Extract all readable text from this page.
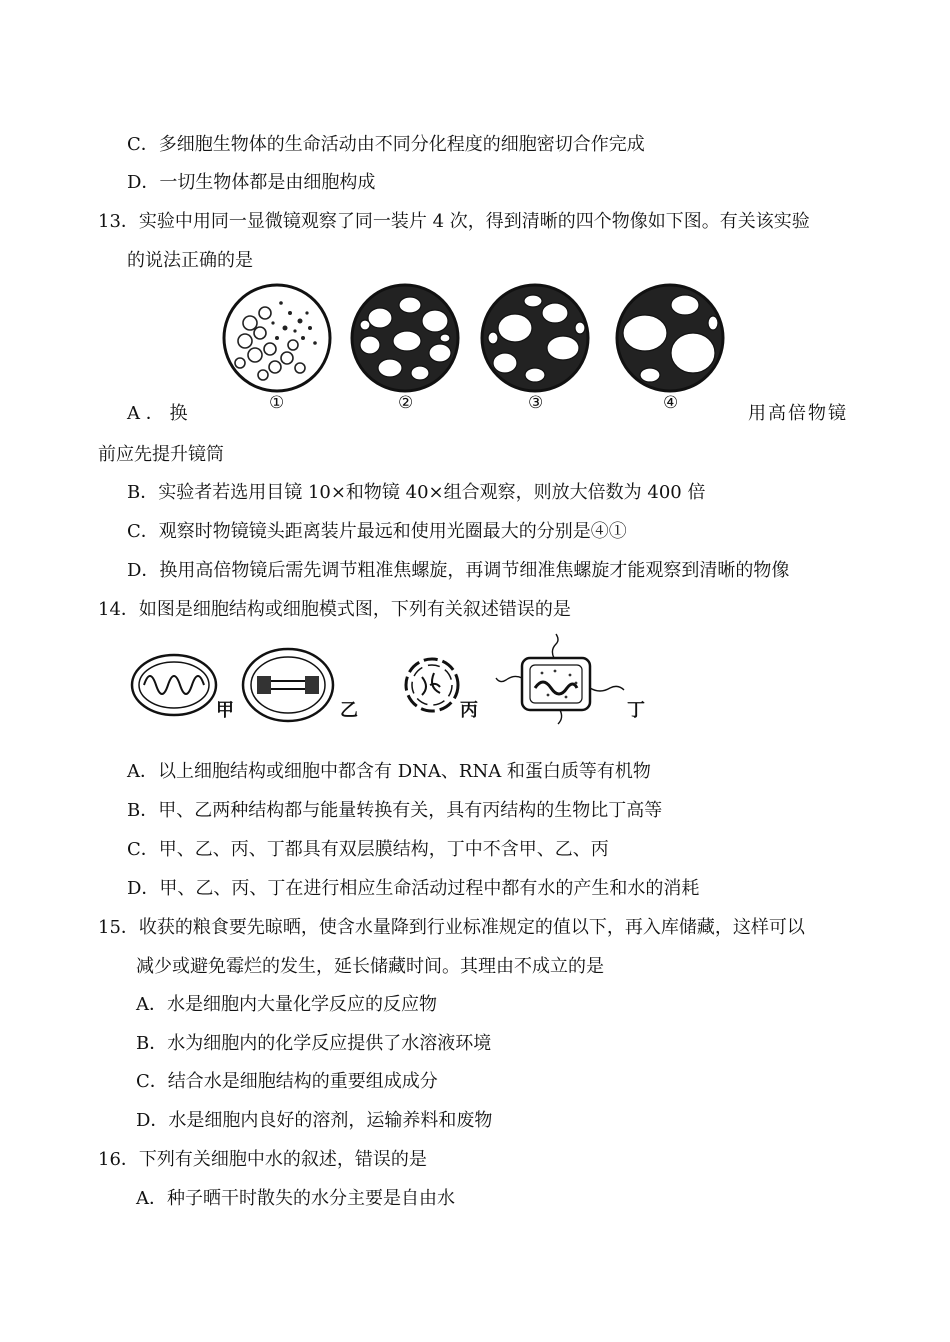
C．多细胞生物体的生命活动由不同分化程度的细胞密切合作完成
D．一切生物体都是由细胞构成
13．实验中用同一显微镜观察了同一装片 4 次，得到清晰的四个物像如下图。有关该实验
的说法正确的是
①	②	③	④
A ． 换	用高倍物镜
前应先提升镜筒
B．实验者若选用目镜 10×和物镜 40×组合观察，则放大倍数为 400 倍
C．观察时物镜镜头距离装片最远和使用光圈最大的分别是④①
D．换用高倍物镜后需先调节粗准焦螺旋，再调节细准焦螺旋才能观察到清晰的物像
14．如图是细胞结构或细胞模式图，下列有关叙述错误的是
甲	乙	丙	丁
A．以上细胞结构或细胞中都含有 DNA、RNA 和蛋白质等有机物
B．甲、乙两种结构都与能量转换有关，具有丙结构的生物比丁高等
C．甲、乙、丙、丁都具有双层膜结构，丁中不含甲、乙、丙
D．甲、乙、丙、丁在进行相应生命活动过程中都有水的产生和水的消耗
15．收获的粮食要先晾晒，使含水量降到行业标准规定的值以下，再入库储藏，这样可以
减少或避免霉烂的发生，延长储藏时间。其理由不成立的是
A．水是细胞内大量化学反应的反应物
B．水为细胞内的化学反应提供了水溶液环境
C．结合水是细胞结构的重要组成成分
D．水是细胞内良好的溶剂，运输养料和废物
16．下列有关细胞中水的叙述，错误的是
A．种子晒干时散失的水分主要是自由水
